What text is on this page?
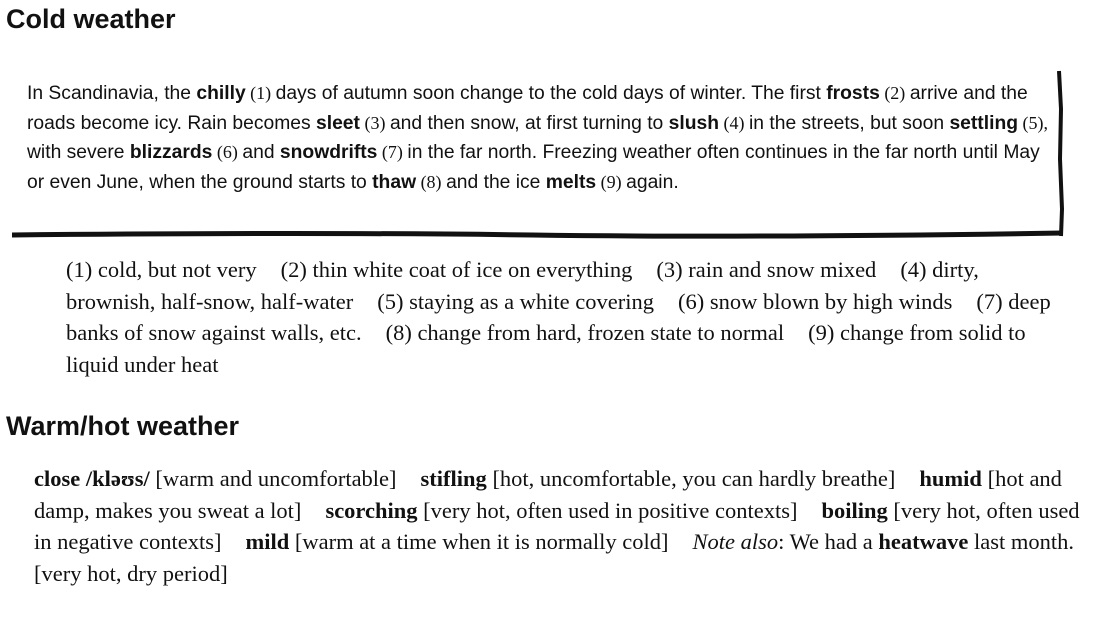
Cold weather
In Scandinavia, the chilly (1) days of autumn soon change to the cold days of winter. The first frosts (2) arrive and the roads become icy. Rain becomes sleet (3) and then snow, at first turning to slush (4) in the streets, but soon settling (5), with severe blizzards (6) and snowdrifts (7) in the far north. Freezing weather often continues in the far north until May or even June, when the ground starts to thaw (8) and the ice melts (9) again.

(1) cold, but not very (2) thin white coat of ice on everything (3) rain and snow mixed (4) dirty, brownish, half-snow, half-water (5) staying as a white covering (6) snow blown by high winds (7) deep banks of snow against walls, etc. (8) change from hard, frozen state to normal (9) change from solid to liquid under heat

Warm/hot weather

close /kləʊs/ [warm and uncomfortable] stifling [hot, uncomfortable, you can hardly breathe] humid [hot and damp, makes you sweat a lot] scorching [very hot, often used in positive contexts] boiling [very hot, often used in negative contexts] mild [warm at a time when it is normally cold] Note also: We had a heatwave last month. [very hot, dry period]
